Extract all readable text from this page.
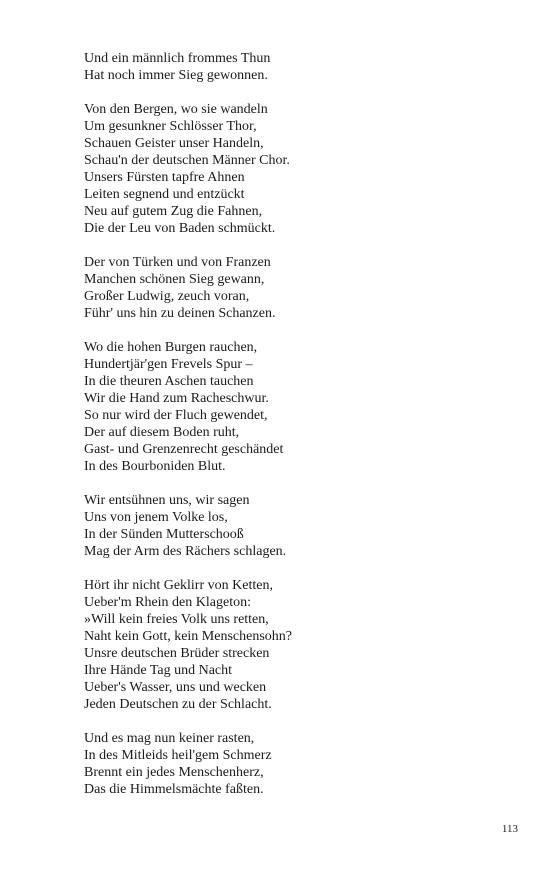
Und ein männlich frommes Thun
Hat noch immer Sieg gewonnen.
Von den Bergen, wo sie wandeln
Um gesunkner Schlösser Thor,
Schauen Geister unser Handeln,
Schau'n der deutschen Männer Chor.
Unsers Fürsten tapfre Ahnen
Leiten segnend und entzückt
Neu auf gutem Zug die Fahnen,
Die der Leu von Baden schmückt.
Der von Türken und von Franzen
Manchen schönen Sieg gewann,
Großer Ludwig, zeuch voran,
Führ' uns hin zu deinen Schanzen.
Wo die hohen Burgen rauchen,
Hundertjär'gen Frevels Spur –
In die theuren Aschen tauchen
Wir die Hand zum Racheschwur.
So nur wird der Fluch gewendet,
Der auf diesem Boden ruht,
Gast- und Grenzenrecht geschändet
In des Bourboniden Blut.
Wir entsühnen uns, wir sagen
Uns von jenem Volke los,
In der Sünden Mutterschooß
Mag der Arm des Rächers schlagen.
Hört ihr nicht Geklirr von Ketten,
Ueber'm Rhein den Klageton:
»Will kein freies Volk uns retten,
Naht kein Gott, kein Menschensohn?
Unsre deutschen Brüder strecken
Ihre Hände Tag und Nacht
Ueber's Wasser, uns und wecken
Jeden Deutschen zu der Schlacht.
Und es mag nun keiner rasten,
In des Mitleids heil'gem Schmerz
Brennt ein jedes Menschenherz,
Das die Himmelsmächte faßten.
113
